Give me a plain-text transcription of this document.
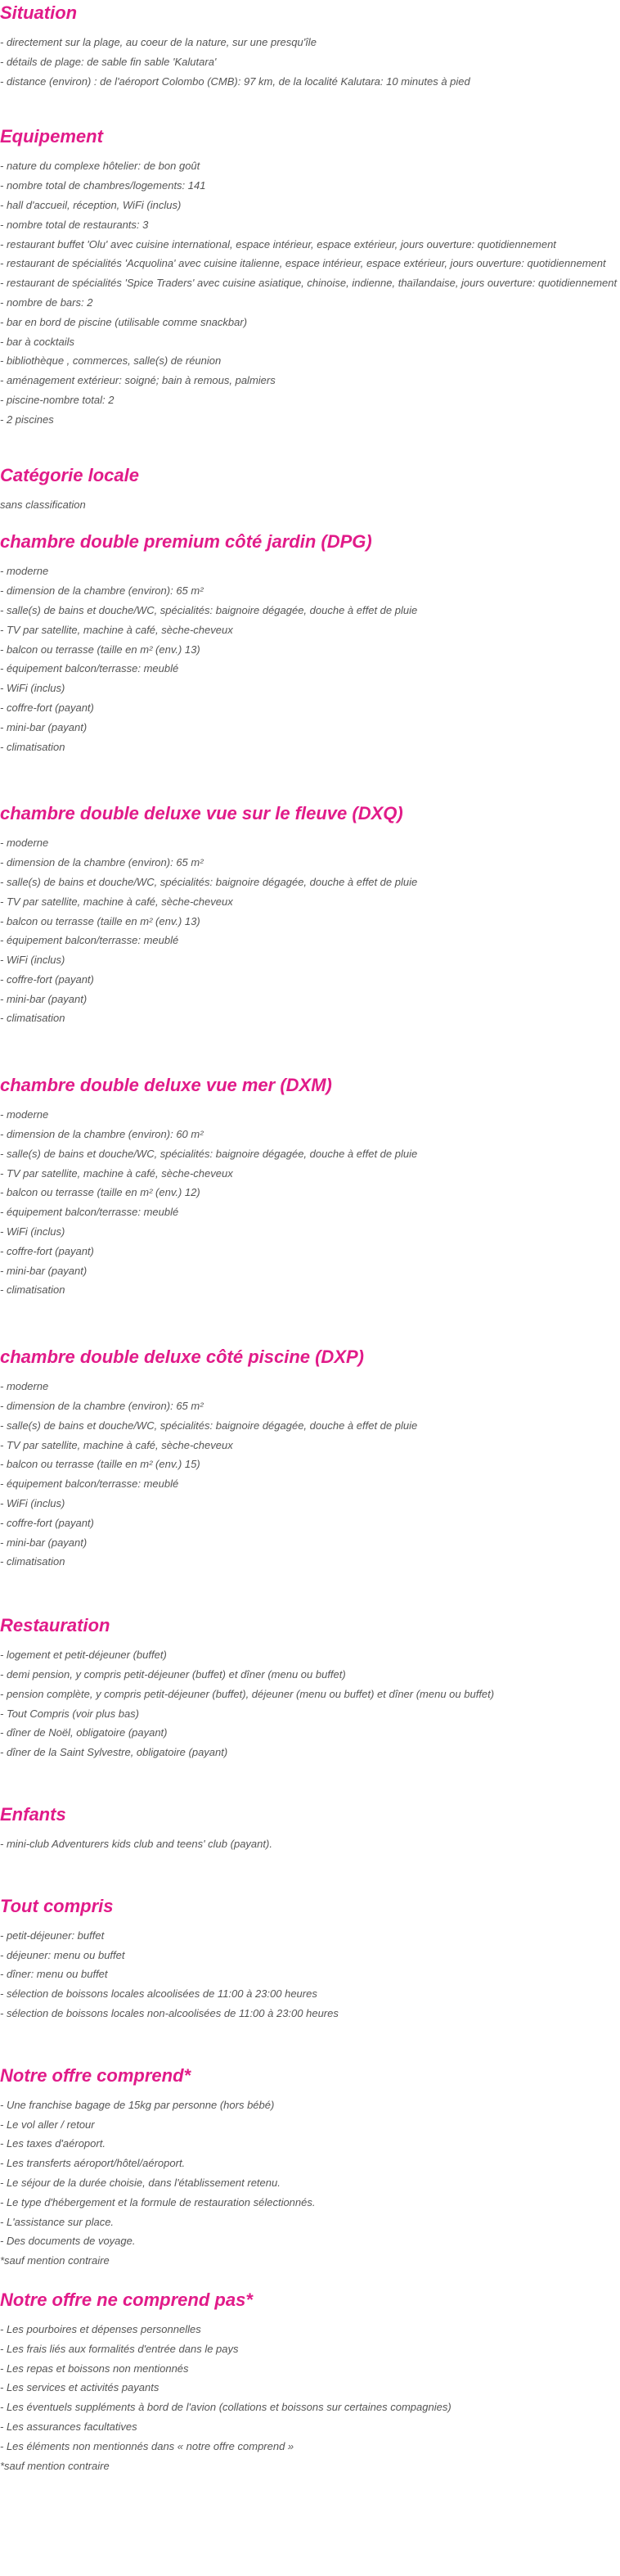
Situation
- directement sur la plage, au coeur de la nature, sur une presqu'île
- détails de plage: de sable fin sable 'Kalutara'
- distance (environ) : de l'aéroport Colombo (CMB): 97 km, de la localité Kalutara: 10 minutes à pied
Equipement
- nature du complexe hôtelier: de bon goût
- nombre total de chambres/logements: 141
- hall d'accueil, réception, WiFi (inclus)
- nombre total de restaurants: 3
- restaurant buffet 'Olu' avec cuisine international, espace intérieur, espace extérieur, jours ouverture: quotidiennement
- restaurant de spécialités 'Acquolina' avec cuisine italienne, espace intérieur, espace extérieur, jours ouverture: quotidiennement
- restaurant de spécialités 'Spice Traders' avec cuisine asiatique, chinoise, indienne, thaïlandaise, jours ouverture: quotidiennement
- nombre de bars: 2
- bar en bord de piscine (utilisable comme snackbar)
- bar à cocktails
- bibliothèque , commerces, salle(s) de réunion
- aménagement extérieur: soigné; bain à remous, palmiers
- piscine-nombre total: 2
- 2 piscines
Catégorie locale

sans classification

chambre double premium côté jardin (DPG)
- moderne
- dimension de la chambre (environ): 65 m²
- salle(s) de bains et douche/WC, spécialités: baignoire dégagée, douche à effet de pluie
- TV par satellite, machine à café, sèche-cheveux
- balcon ou terrasse (taille en m² (env.) 13)
- équipement balcon/terrasse: meublé
- WiFi (inclus)
- coffre-fort (payant)
- mini-bar (payant)
- climatisation
chambre double deluxe vue sur le fleuve (DXQ)
- moderne
- dimension de la chambre (environ): 65 m²
- salle(s) de bains et douche/WC, spécialités: baignoire dégagée, douche à effet de pluie
- TV par satellite, machine à café, sèche-cheveux
- balcon ou terrasse (taille en m² (env.) 13)
- équipement balcon/terrasse: meublé
- WiFi (inclus)
- coffre-fort (payant)
- mini-bar (payant)
- climatisation
chambre double deluxe vue mer (DXM)
- moderne
- dimension de la chambre (environ): 60 m²
- salle(s) de bains et douche/WC, spécialités: baignoire dégagée, douche à effet de pluie
- TV par satellite, machine à café, sèche-cheveux
- balcon ou terrasse (taille en m² (env.) 12)
- équipement balcon/terrasse: meublé
- WiFi (inclus)
- coffre-fort (payant)
- mini-bar (payant)
- climatisation
chambre double deluxe côté piscine (DXP)
- moderne
- dimension de la chambre (environ): 65 m²
- salle(s) de bains et douche/WC, spécialités: baignoire dégagée, douche à effet de pluie
- TV par satellite, machine à café, sèche-cheveux
- balcon ou terrasse (taille en m² (env.) 15)
- équipement balcon/terrasse: meublé
- WiFi (inclus)
- coffre-fort (payant)
- mini-bar (payant)
- climatisation
Restauration
- logement et petit-déjeuner (buffet)
- demi pension, y compris petit-déjeuner (buffet) et dîner (menu ou buffet)
- pension complète, y compris petit-déjeuner (buffet), déjeuner (menu ou buffet) et dîner (menu ou buffet)
- Tout Compris (voir plus bas)
- dîner de Noël, obligatoire (payant)
- dîner de la Saint Sylvestre, obligatoire (payant)
Enfants
- mini-club Adventurers kids club and teens' club (payant).
Tout compris
- petit-déjeuner: buffet
- déjeuner: menu ou buffet
- dîner: menu ou buffet
- sélection de boissons locales alcoolisées de 11:00 à 23:00 heures
- sélection de boissons locales non-alcoolisées de 11:00 à 23:00 heures
Notre offre comprend*
- Une franchise bagage de 15kg par personne (hors bébé)
- Le vol aller / retour
- Les taxes d'aéroport.
- Les transferts aéroport/hôtel/aéroport.
- Le séjour de la durée choisie, dans l'établissement retenu.
- Le type d'hébergement et la formule de restauration sélectionnés.
- L'assistance sur place.
- Des documents de voyage.
*sauf mention contraire
Notre offre ne comprend pas*
- Les pourboires et dépenses personnelles
- Les frais liés aux formalités d'entrée dans le pays
- Les repas et boissons non mentionnés
- Les services et activités payants
- Les éventuels suppléments à bord de l'avion (collations et boissons sur certaines compagnies)
- Les assurances facultatives
- Les éléments non mentionnés dans « notre offre comprend »
*sauf mention contraire
